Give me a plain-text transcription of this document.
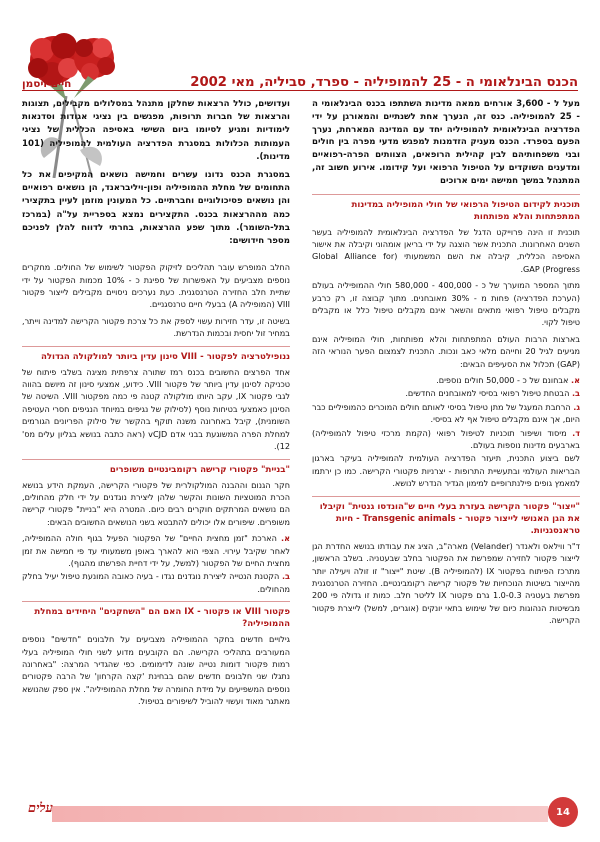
הכנס הבינלאומי ה - 25 להמופיליה - ספרד, סביליה, מאי 2002
חיים ויסמן

מעל ל - 3,600 אורחים ממאה מדינות השתתפו בכנס הבינלאומי ה - 25 להמופיליה. כנס זה, הנערך אחת לשנתיים והמאורגן על ידי הפדרציה הבינלאומית להמופיליה יחד עם המדינה המארחת, נערך הפעם בספרד. הכנס מעניק הזדמנות למפגש מדעי מפרה בין חולים ובני משפחותיהם לבין קהילית הרופאים, הצוותים הפרה-רפואיים ומדענים השוקדים על הטיפול הרפואי ועל קידומו. אירוע חשוב זה, המתנהל במשך חמישה ימים ארוכים

תוכנית לקידום הטיפול הרפואי של חולי המופיליה במדינות המתפתחות והלא מפותחות

תוכנית זו הינה פרוייקט הדגל של הפדרציה הבינלאומית להמופיליה בעשר השנים האחרונות. התכנית אשר הוצגה על ידי בריאן אומהוני וקיבלה את אישור האסיפה הכללית, קיבלה את השם המשמעותי (Global Alliance for Progress) GAP.

מתוך המספר המוערך של כ - 400,000 - 580,000 חולי ההמופיליה בעולם (הערכת הפדרציה) פחות מ - 30% מאובחנים. מתוך קבוצה זו, רק כרבע מקבלים טיפול רפואי מתאים והשאר אינם מקבלים טיפול כלל או מקבלים טיפול לקוי.

בארצות הרבות העולם המתפתחות והלא מפותחות, חולי המופיליה אינם מגיעים לגיל 20 וחייהם מלאי כאב ונכות. התכנית לצמצום הפער הנוראי הזה (GAP) תכלול את הסעיפים הבאים:

א. אבחונם של כ - 50,000 חולים נוספים.

ב. הבטחת טיפול רפואי בסיסי למאובחנים החדשים.

ג. הרחבת המעגל של מתן טיפול בסיסי לאותם חולים המוכרים כהמופיליים כבר היום, אך אינם מקבלים טיפול אף לא בסיסי.

ד. מיסוד ושיפור תוכניות לטיפול רפואי (הקמת מרכזי טיפול להמופיליה) בארבעים מדינות נוספות בעולם.

לשם ביצוע התכנית, תיעזר הפדרציה העולמית להמופיליה בעיקר בארגון הבריאות העולמי ובתעשיית התרופות - יצרניות פקטורי הקרישה. כמו כן ירתמו למאמץ גופים פילנתרופיים למימון הגדיר הנדרש לנושא.

"ייצור" פקטור הקרישה בעזרת בעלי חיים ש"הונדסו גנטית" וקיבלו את הגן האנושי לייצור פקטור - Transgenic animals - חיות טראנסגניות.

ד"ר ווילאס ולאנדר (Velander) מארה"ב, הציג את עבודתו בנושא החדרת הגן לייצור פקטור לחזירה שמפרשת את הפקטור בחלב שבעטניה. בשלב הראשון, מתרכז הפיתוח בפקטור IX (להמופיליה B). שיטת "ייצור" זו זולה ויעילה יותר מהייצור בשיטות הנוכחיות של פקטור קרישה רקומבינטיים. החזירה הטרנסגנית מפרשת בעטניה 1.0-0.3 גרם פקטור IX לליטר חלב. כמות זו גדולה פי 200 מבשיטות הנהוגות כיום של שימוש בתאי יונקים (אוגרים, למשל) לייצרת פקטור הקרישה.

ועדושים, כולל הרצאות שחלקן מתנהל במסלולים מקבילים, תצוגות והרצאות של חברות תרופות, מפגשים בין נציגי אגודות וסדנאות לימודיות ומגיע לסיומו ביום השישי באסיפה הכללית של נציגי העמותות הכלולות במסגרת הפדרציה העולמית להמופיליה (101 מדינות).

במסגרת הכנס נדונו עשרים וחמישה נושאים המקיפים את כל התחומים של מחלת ההמופיליה ופון-ויליבראנד, הן נושאים רפואיים והן נושאים פסיכולוגיים וחברתיים. כל המעונין מוזמן לעיין בתקצירי כמה מההרצאות בכנס. התקצירים נמצא בספריית על"ה (במרכז בתל-השומר). מתוך שפע ההרצאות, בחרתי לדווח להלן לפניכם מספר חידושים:

החלב המופרש עובר תהליכים לזיקוק הפקטור לשימוש של החולים. מחקרים נוספים מצביעים על האפשרות של ספיגת כ - 10% מכמות הפקטור על ידי שתיית חלב החזירה הטרנסגנית. כעת נערכים ניסויים מקבילים לייצור פקטור VIII (המופיליה A) בבעלי חיים טרנסגניים.

בשיטה זו, עדר חזירות עשוי לספק את כל צרכת פקטור הקרישה למדינה וייתר, במחיר זול יחסית ובכמות הנדרשת.

ננופילטרציה לפקטור - VIII סינון עדין ביותר למולקולה הגדולה

אחד הפרצים החשובים בכנס רמז שתורה צרפתית מציגה בשלבי פיתוח של טכניקה לסינון עדין ביותר של פקטור VIII. כידוע, אמצעי סינון זה מיושם בהווה לגבי פקטור IX, עקב היותו מולקולה קטנה פי כמה מפקטור VIII. השיטה של הסינון כאמצעי בטיחות נוסף (לסילוק של נגיפים במיוחד הנגיפים חסרי העטיפה השומנית), קיבל באחרונה משנה תוקף בהקשר של סילוק הפריונים הגורמים למחלת הפרה המשוגעת בבני אדם vCJD (ראה כתבה בנושא בגליון עלים מס' 12).

"בניית" פקטורי קרישה רקומבינטיים משופרים

חקר הגנום וההבנה המולקולרית של פקטורי הקרישה, העמקת הידע בנושא הכרת המוטציות השונות והקשר שלהן ליצירת נוגדנים על ידי חלק מהחולים, הם נושאים המרתקים חוקרים רבים כיום. המטרה היא "בניית" פקטורי קרישה משופרים. שיפורים אלו יכולים להתבטא בשני הנושאים החשובים הבאים:

א. הארכת "זמן מחצית החיים" של הפקטור הפעיל בגוף חולה ההמופיליה, לאחר שקיבל עירוי. הצפי הוא להארך באופן משמעותי עד פי חמישה את זמן מחצית החיים של הפקטור (למשל, על ידי דחיית הפרשתו מהגוף).

ב. הקטנת הנטייה ליצירת נוגדנים נגדו - בעיה כאובה המונעת טיפול יעיל בחלק מהחולים.

פקטור VIII או פקטור - IX האם הם "השחקנים" היחידים במחלת ההמופיליה?

גילויים חדשים בחקר ההמופיליה מצביעים על חלבונים "חדשים" נוספים המעורבים בתהליכי הקרישה. הם הקובעים מדוע לשני חולי המופיליה בעלי רמות פקטור דומות נטייה שונה לדימומים. כפי שהגדיר המרצה: "באחרונה נתגלו שני חלבונים חדשים שהם בבחינת 'קצה הקרחון' של הרבה פקטורים נוספים המשפיעים על מידת החומרה של מחלת ההמופיליה". אין ספק שהנושא מאתגר מאוד ועשוי להוביל לשיפורים בטיפול.

14
עלים
